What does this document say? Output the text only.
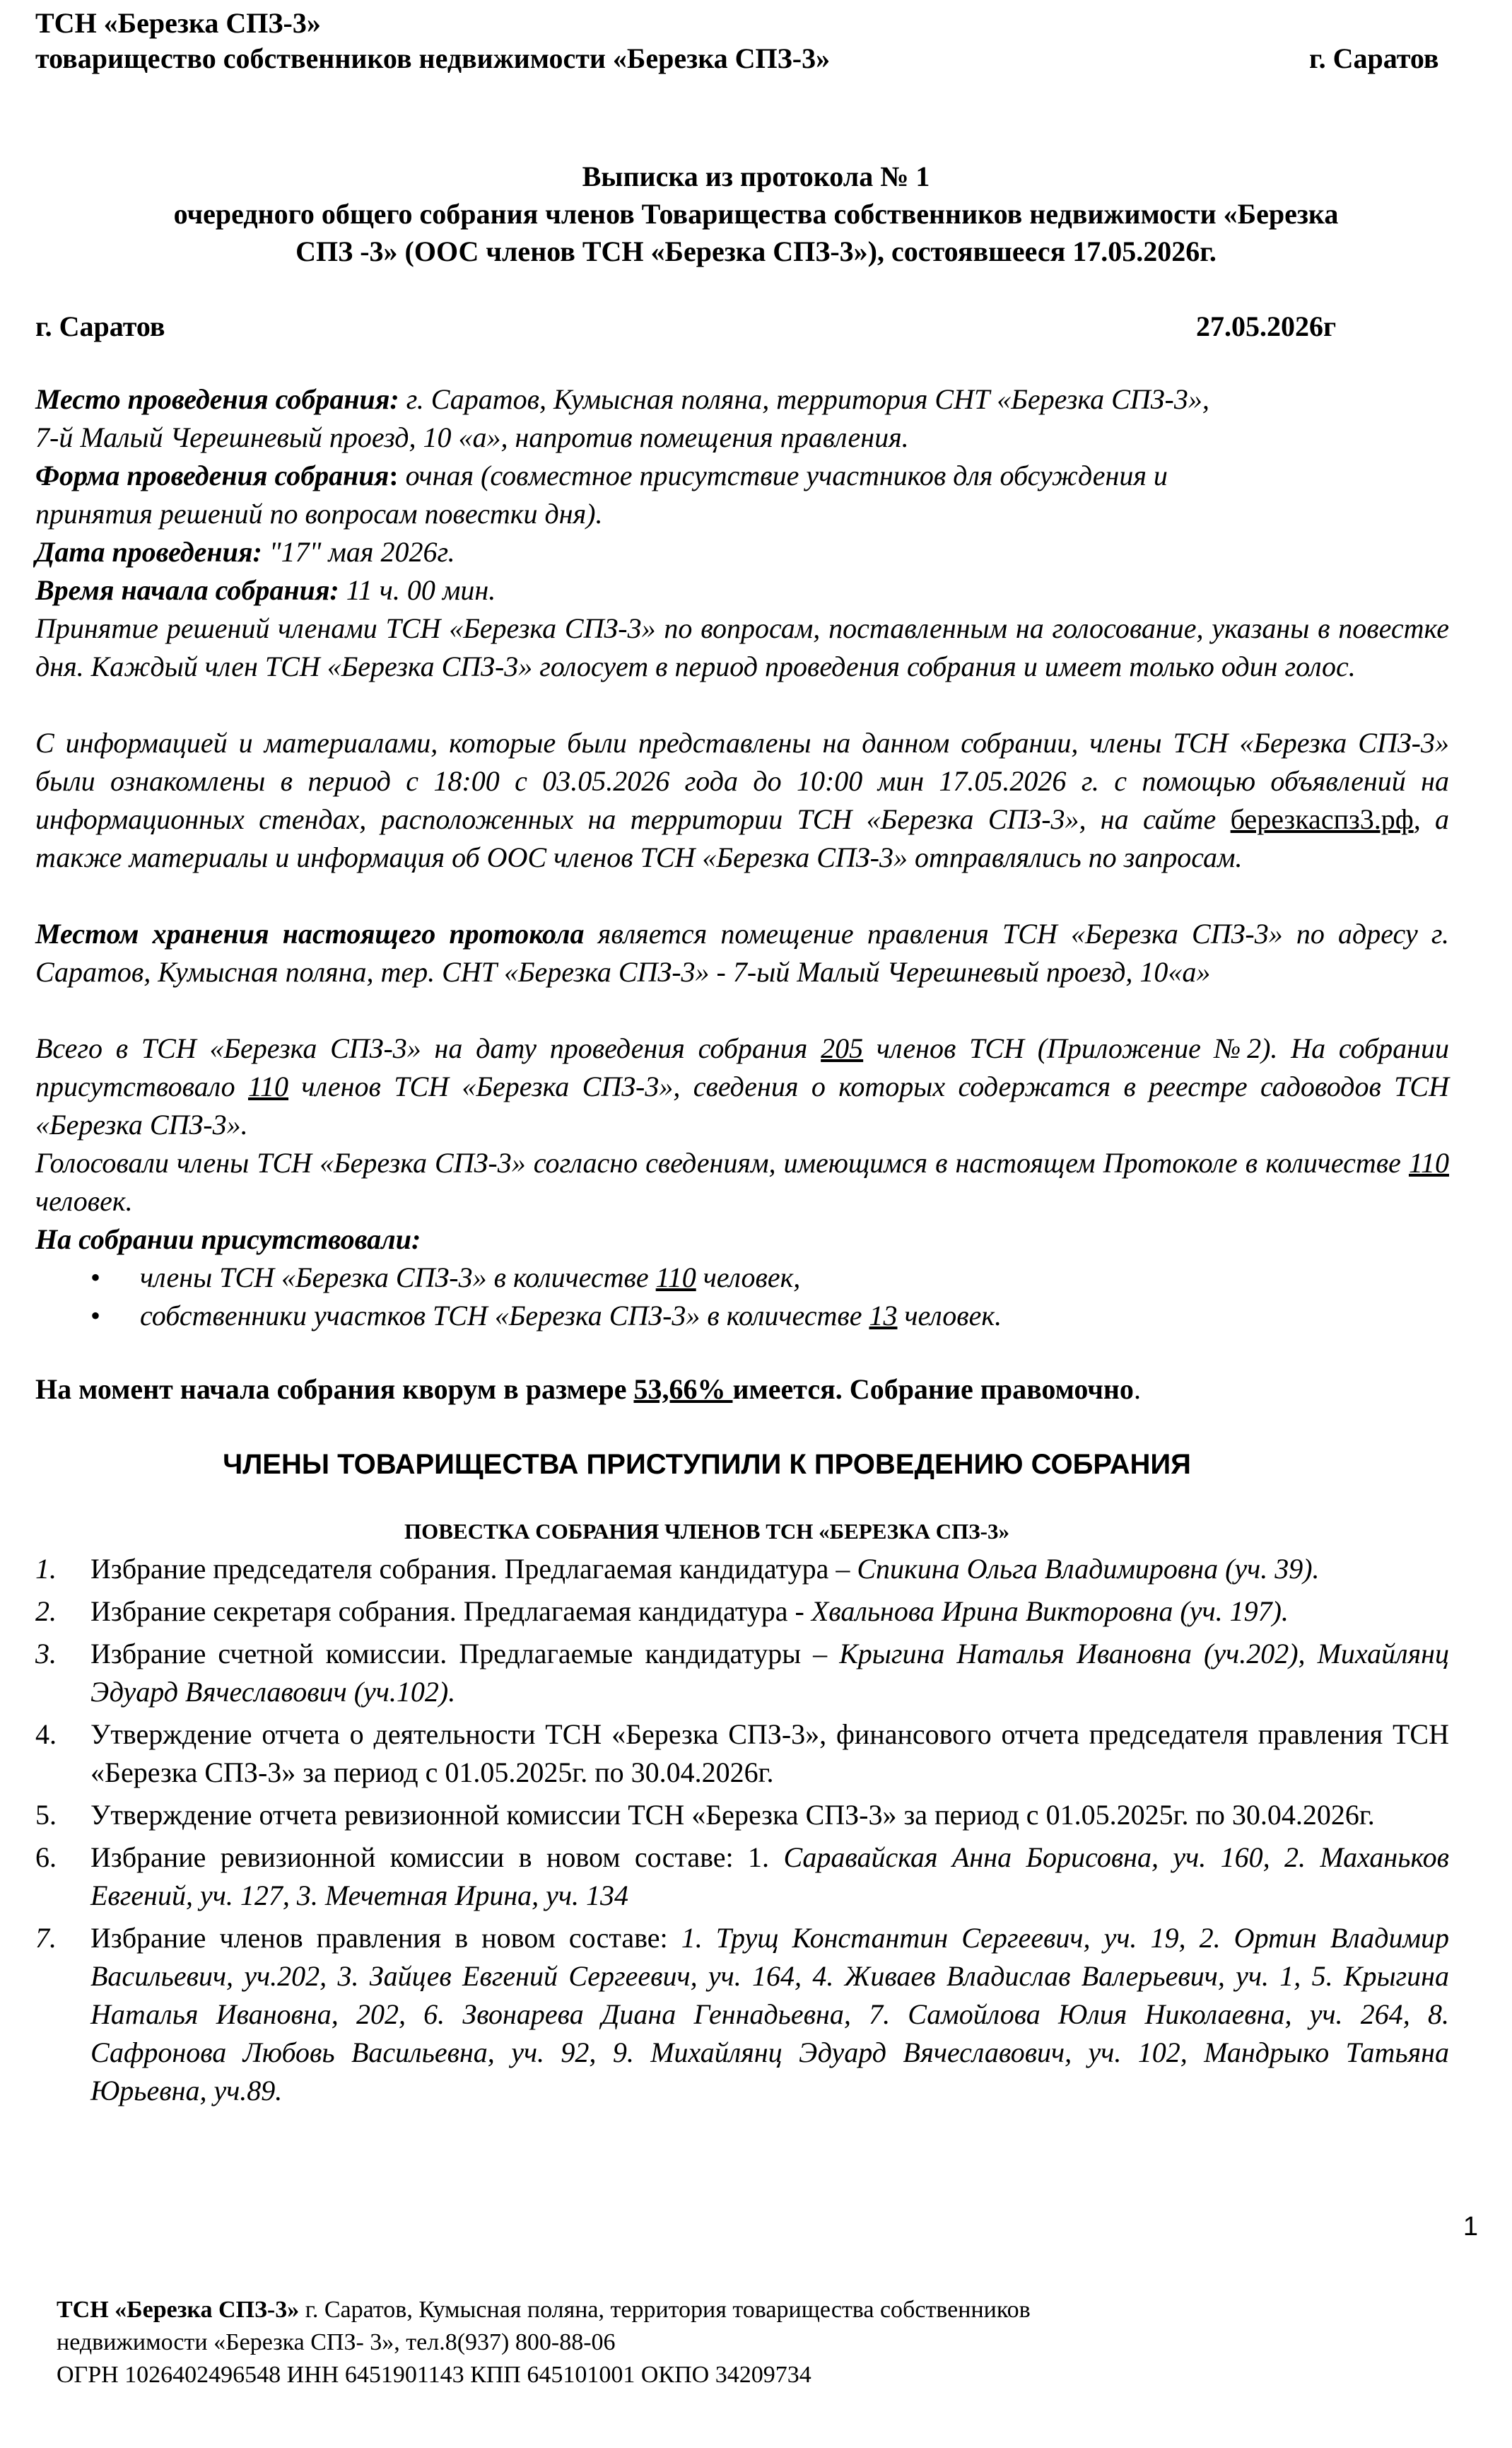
ТСН «Березка СПЗ-3»
товарищество собственников недвижимости «Березка СПЗ-3»	г. Саратов
Выписка из протокола № 1
очередного общего собрания членов Товарищества собственников недвижимости «Березка
СПЗ -3» (ООС членов ТСН «Березка СПЗ-3»), состоявшееся 17.05.2026г.
г. Саратов	27.05.2026г

Место проведения собрания: г. Саратов, Кумысная поляна, территория СНТ «Березка СПЗ-3»,
7-й Малый Черешневый проезд, 10 «а», напротив помещения правления.

Форма проведения собрания: очная (совместное присутствие участников для обсуждения и
принятия решений по вопросам повестки дня).

Дата проведения: "17" мая 2026г.

Время начала собрания: 11 ч. 00 мин.

Принятие решений членами ТСН «Березка СПЗ-3» по вопросам, поставленным на голосование, указаны в повестке дня. Каждый член ТСН «Березка СПЗ-3» голосует в период проведения собрания и имеет только один голос.

С информацией и материалами, которые были представлены на данном собрании, члены ТСН «Березка СПЗ-3» были ознакомлены в период с 18:00 с 03.05.2026 года до 10:00 мин 17.05.2026 г. с помощью объявлений на информационных стендах, расположенных на территории ТСН «Березка СПЗ-3», на сайте березкаспз3.рф, а также материалы и информация об ООС членов ТСН «Березка СПЗ-3» отправлялись по запросам.

Местом хранения настоящего протокола является помещение правления ТСН «Березка СПЗ-3» по адресу г. Саратов, Кумысная поляна, тер. СНТ «Березка СПЗ-3» - 7-ый Малый Черешневый проезд, 10«а»

Всего в ТСН «Березка СПЗ-3» на дату проведения собрания 205 членов ТСН (Приложение №2). На собрании присутствовало 110 членов ТСН «Березка СПЗ-3», сведения о которых содержатся в реестре садоводов ТСН «Березка СПЗ-3».

Голосовали члены ТСН «Березка СПЗ-3» согласно сведениям, имеющимся в настоящем Протоколе в количестве 110 человек.

На собрании присутствовали:
• члены ТСН «Березка СПЗ-3» в количестве 110 человек,
• собственники участков ТСН «Березка СПЗ-3» в количестве 13 человек.
На момент начала собрания кворум в размере 53,66% имеется. Собрание правомочно.
ЧЛЕНЫ ТОВАРИЩЕСТВА ПРИСТУПИЛИ К ПРОВЕДЕНИЮ СОБРАНИЯ
ПОВЕСТКА СОБРАНИЯ ЧЛЕНОВ ТСН «БЕРЕЗКА СПЗ-3»
1. Избрание председателя собрания. Предлагаемая кандидатура – Спикина Ольга Владимировна (уч. 39).
2. Избрание секретаря собрания. Предлагаемая кандидатура - Хвальнова Ирина Викторовна (уч. 197).
3. Избрание счетной комиссии. Предлагаемые кандидатуры – Крыгина Наталья Ивановна (уч.202), Михайлянц Эдуард Вячеславович (уч.102).
4. Утверждение отчета о деятельности ТСН «Березка СПЗ-3», финансового отчета председателя правления ТСН «Березка СПЗ-3» за период с 01.05.2025г. по 30.04.2026г.
5. Утверждение отчета ревизионной комиссии ТСН «Березка СПЗ-3» за период с 01.05.2025г. по 30.04.2026г.
6. Избрание ревизионной комиссии в новом составе: 1. Саравайская Анна Борисовна, уч. 160, 2. Маханьков Евгений, уч. 127, 3. Мечетная Ирина, уч. 134
7. Избрание членов правления в новом составе: 1. Трущ Константин Сергеевич, уч. 19, 2. Ортин Владимир Васильевич, уч.202, 3. Зайцев Евгений Сергеевич, уч. 164, 4. Живаев Владислав Валерьевич, уч. 1, 5. Крыгина Наталья Ивановна, 202, 6. Звонарева Диана Геннадьевна, 7. Самойлова Юлия Николаевна, уч. 264, 8. Сафронова Любовь Васильевна, уч. 92, 9. Михайлянц Эдуард Вячеславович, уч. 102, Мандрыко Татьяна Юрьевна, уч.89.
1
ТСН «Березка СПЗ-3» г. Саратов, Кумысная поляна, территория товарищества собственников
недвижимости «Березка СПЗ- 3», тел.8(937) 800-88-06
ОГРН 1026402496548 ИНН 6451901143 КПП 645101001 ОКПО 34209734
